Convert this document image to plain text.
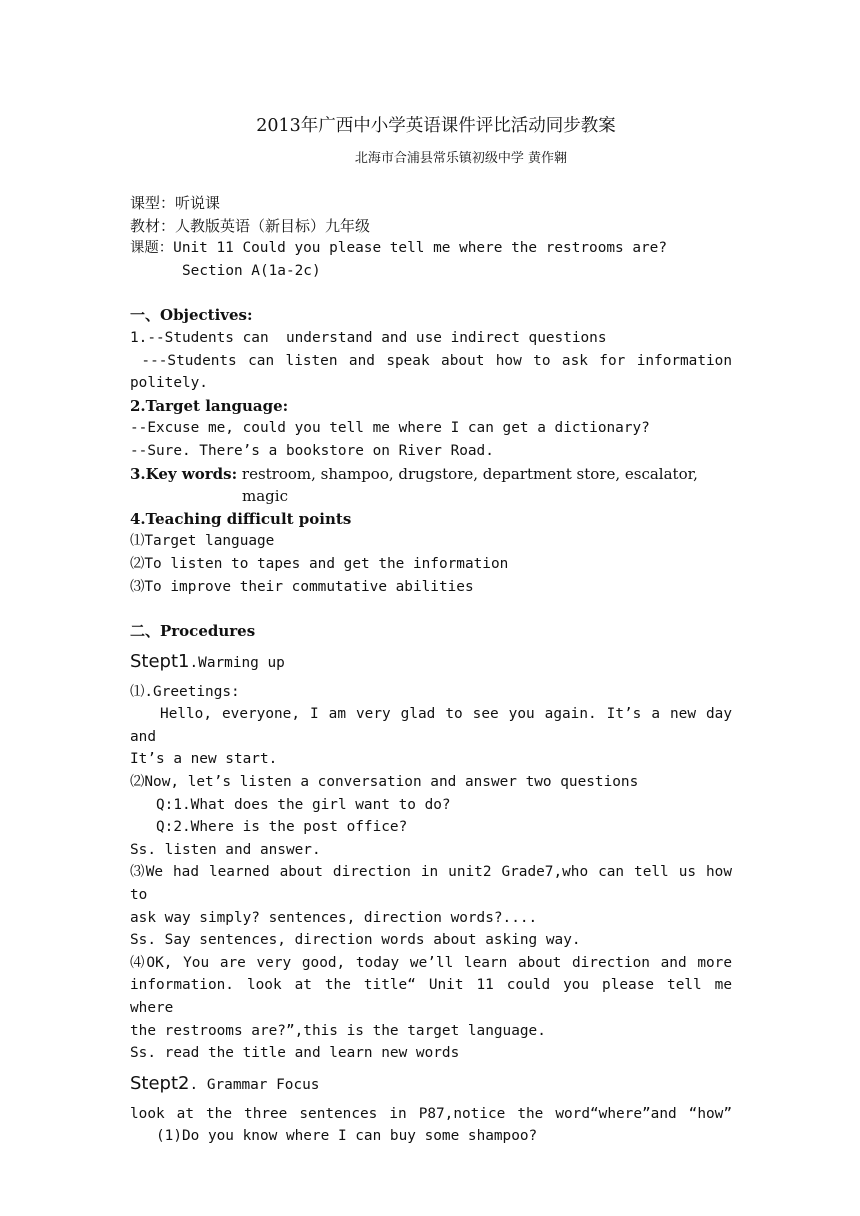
2013年广西中小学英语课件评比活动同步教案
北海市合浦县常乐镇初级中学 黄作翱
课型：听说课
教材：人教版英语（新目标）九年级
课题：Unit 11 Could you please tell me where the restrooms are?
Section A(1a-2c)
一、Objectives:
1.--Students can  understand and use indirect questions
---Students can listen and speak about how to ask for information
politely.
2.Target language:
--Excuse me, could you tell me where I can get a dictionary?
--Sure. There’s a bookstore on River Road.
3.Key words: restroom, shampoo, drugstore, department store, escalator,
magic
4.Teaching difficult points
⑴Target language
⑵To listen to tapes and get the information
⑶To improve their commutative abilities
二、Procedures
Stept1.Warming up
⑴.Greetings:
Hello, everyone, I am very glad to see you again. It’s a new day and
It’s a new start.
⑵Now, let’s listen a conversation and answer two questions
Q:1.What does the girl want to do?
Q:2.Where is the post office?
Ss. listen and answer.
⑶We had learned about direction in unit2 Grade7,who can tell us how to
ask way simply? sentences, direction words?....
Ss. Say sentences, direction words about asking way.
⑷OK, You are very good, today we’ll learn about direction and more
information. look at the title“ Unit 11 could you please tell me where
the restrooms are?”,this is the target language.
Ss. read the title and learn new words
Stept2. Grammar Focus
look at the three sentences in P87,notice the word“where”and “how”
(1)Do you know where I can buy some shampoo?
